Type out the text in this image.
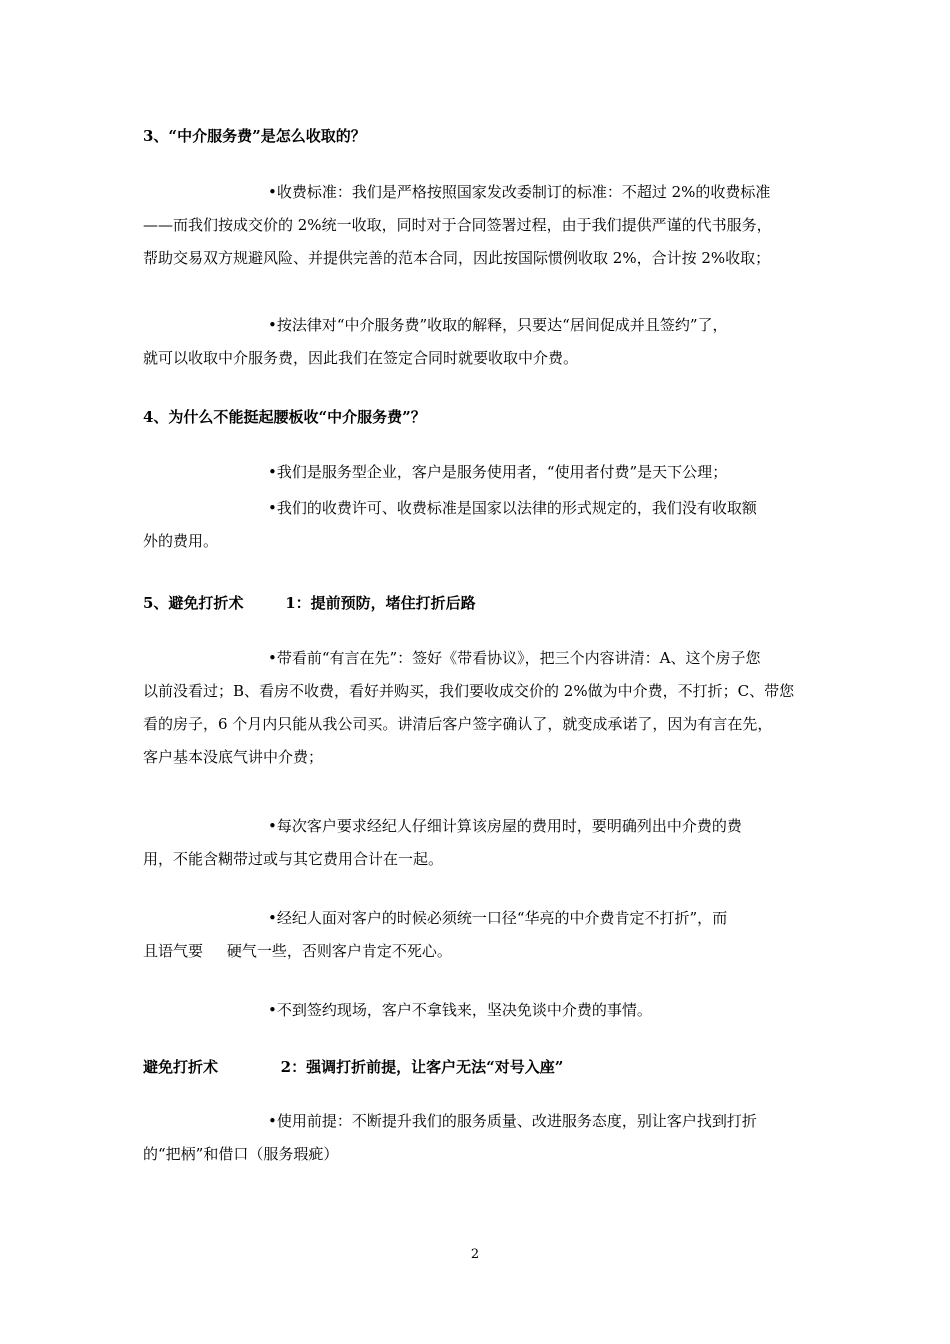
3、“中介服务费”是怎么收取的？
•收费标准：我们是严格按照国家发改委制订的标准：不超过 2%的收费标准
——而我们按成交价的 2%统一收取，同时对于合同签署过程，由于我们提供严谨的代书服务，
帮助交易双方规避风险、并提供完善的范本合同，因此按国际惯例收取 2%，合计按 2%收取；
•按法律对“中介服务费”收取的解释，只要达“居间促成并且签约”了，
就可以收取中介服务费，因此我们在签定合同时就要收取中介费。
4、为什么不能挺起腰板收“中介服务费”？
•我们是服务型企业，客户是服务使用者，“使用者付费”是天下公理；
•我们的收费许可、收费标准是国家以法律的形式规定的，我们没有收取额
外的费用。
5、避免打折术        1：提前预防，堵住打折后路
•带看前“有言在先”：签好《带看协议》，把三个内容讲清：A、这个房子您
以前没看过；B、看房不收费，看好并购买，我们要收成交价的 2%做为中介费，不打折；C、带您
看的房子，6 个月内只能从我公司买。讲清后客户签字确认了，就变成承诺了，因为有言在先，
客户基本没底气讲中介费；
•每次客户要求经纪人仔细计算该房屋的费用时，要明确列出中介费的费
用，不能含糊带过或与其它费用合计在一起。
•经纪人面对客户的时候必须统一口径“华亮的中介费肯定不打折”，而
且语气要     硬气一些，否则客户肯定不死心。
•不到签约现场，客户不拿钱来，坚决免谈中介费的事情。
避免打折术            2：强调打折前提，让客户无法“对号入座”
•使用前提：不断提升我们的服务质量、改进服务态度，别让客户找到打折
的“把柄”和借口（服务瑕疵）
2
